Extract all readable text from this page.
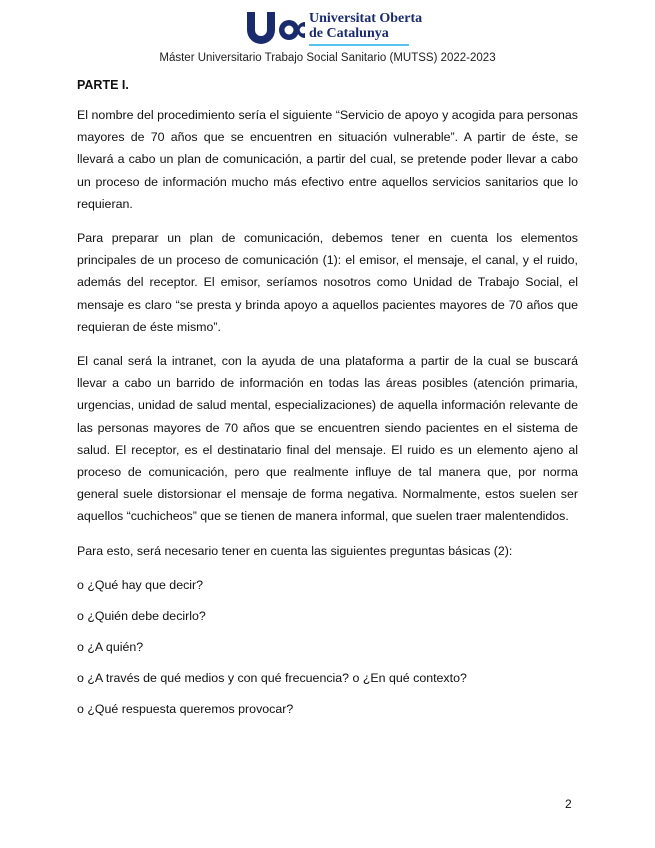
Universitat Oberta
de Catalunya
Máster Universitario Trabajo Social Sanitario (MUTSS) 2022-2023
PARTE I.

El nombre del procedimiento sería el siguiente “Servicio de apoyo y acogida para personas mayores de 70 años que se encuentren en situación vulnerable”. A partir de éste, se llevará a cabo un plan de comunicación, a partir del cual, se pretende poder llevar a cabo un proceso de información mucho más efectivo entre aquellos servicios sanitarios que lo requieran.

Para preparar un plan de comunicación, debemos tener en cuenta los elementos principales de un proceso de comunicación (1): el emisor, el mensaje, el canal, y el ruido, además del receptor. El emisor, seríamos nosotros como Unidad de Trabajo Social, el mensaje es claro “se presta y brinda apoyo a aquellos pacientes mayores de 70 años que requieran de éste mismo”.

El canal será la intranet, con la ayuda de una plataforma a partir de la cual se buscará llevar a cabo un barrido de información en todas las áreas posibles (atención primaria, urgencias, unidad de salud mental, especializaciones) de aquella información relevante de las personas mayores de 70 años que se encuentren siendo pacientes en el sistema de salud. El receptor, es el destinatario final del mensaje. El ruido es un elemento ajeno al proceso de comunicación, pero que realmente influye de tal manera que, por norma general suele distorsionar el mensaje de forma negativa. Normalmente, estos suelen ser aquellos “cuchicheos” que se tienen de manera informal, que suelen traer malentendidos.

Para esto, será necesario tener en cuenta las siguientes preguntas básicas (2):

o ¿Qué hay que decir?
o ¿Quién debe decirlo?
o ¿A quién?
o ¿A través de qué medios y con qué frecuencia? o ¿En qué contexto?
o ¿Qué respuesta queremos provocar?
2
